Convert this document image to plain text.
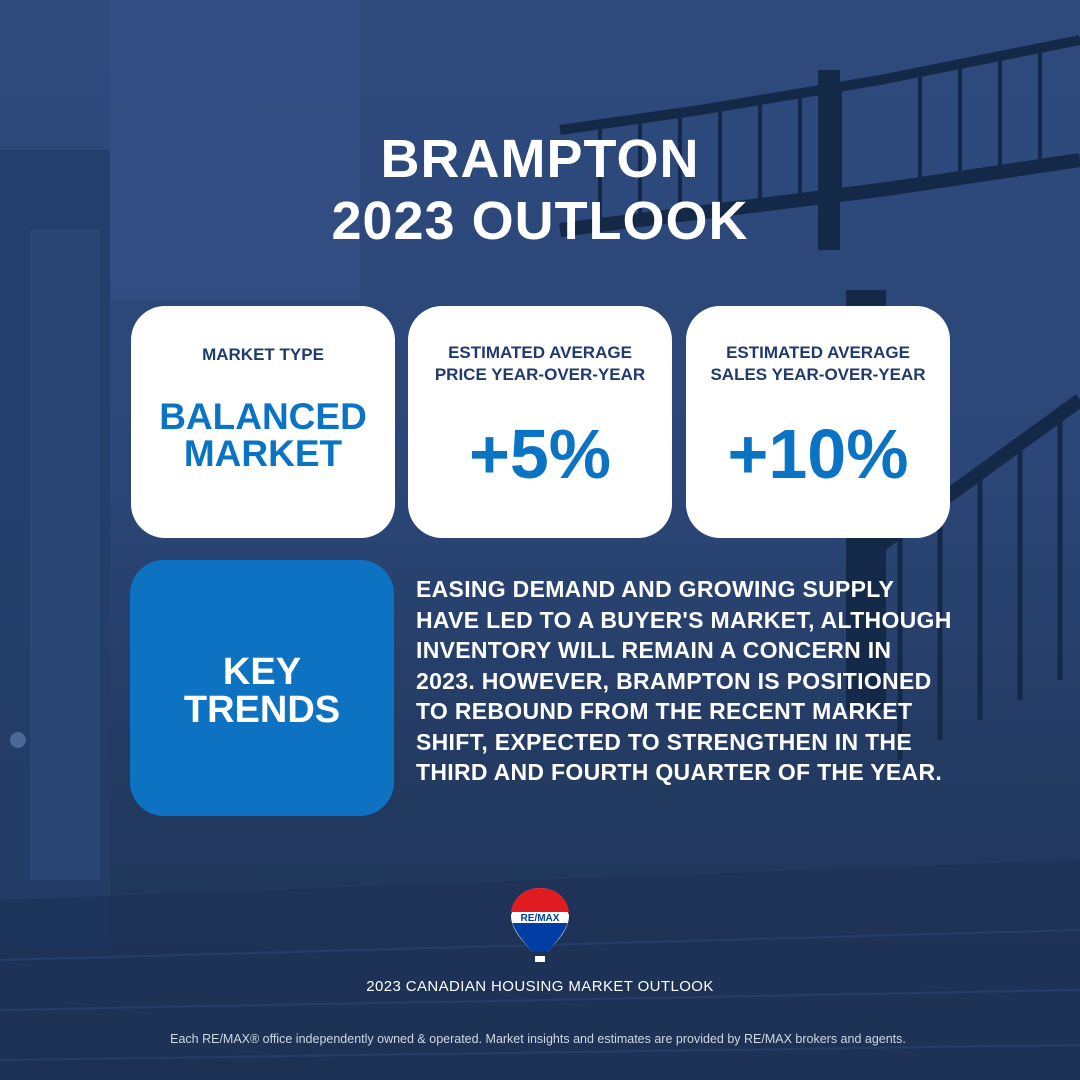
BRAMPTON
2023 OUTLOOK
MARKET TYPE
BALANCED
MARKET
ESTIMATED AVERAGE
PRICE YEAR-OVER-YEAR
+5%
ESTIMATED AVERAGE
SALES YEAR-OVER-YEAR
+10%
KEY
TRENDS
EASING DEMAND AND GROWING SUPPLY
HAVE LED TO A BUYER'S MARKET, ALTHOUGH
INVENTORY WILL REMAIN A CONCERN IN
2023. HOWEVER, BRAMPTON IS POSITIONED
TO REBOUND FROM THE RECENT MARKET
SHIFT, EXPECTED TO STRENGTHEN IN THE
THIRD AND FOURTH QUARTER OF THE YEAR.
RE/MAX
2023 CANADIAN HOUSING MARKET OUTLOOK
Each RE/MAX® office independently owned & operated. Market insights and estimates are provided by RE/MAX brokers and agents.
